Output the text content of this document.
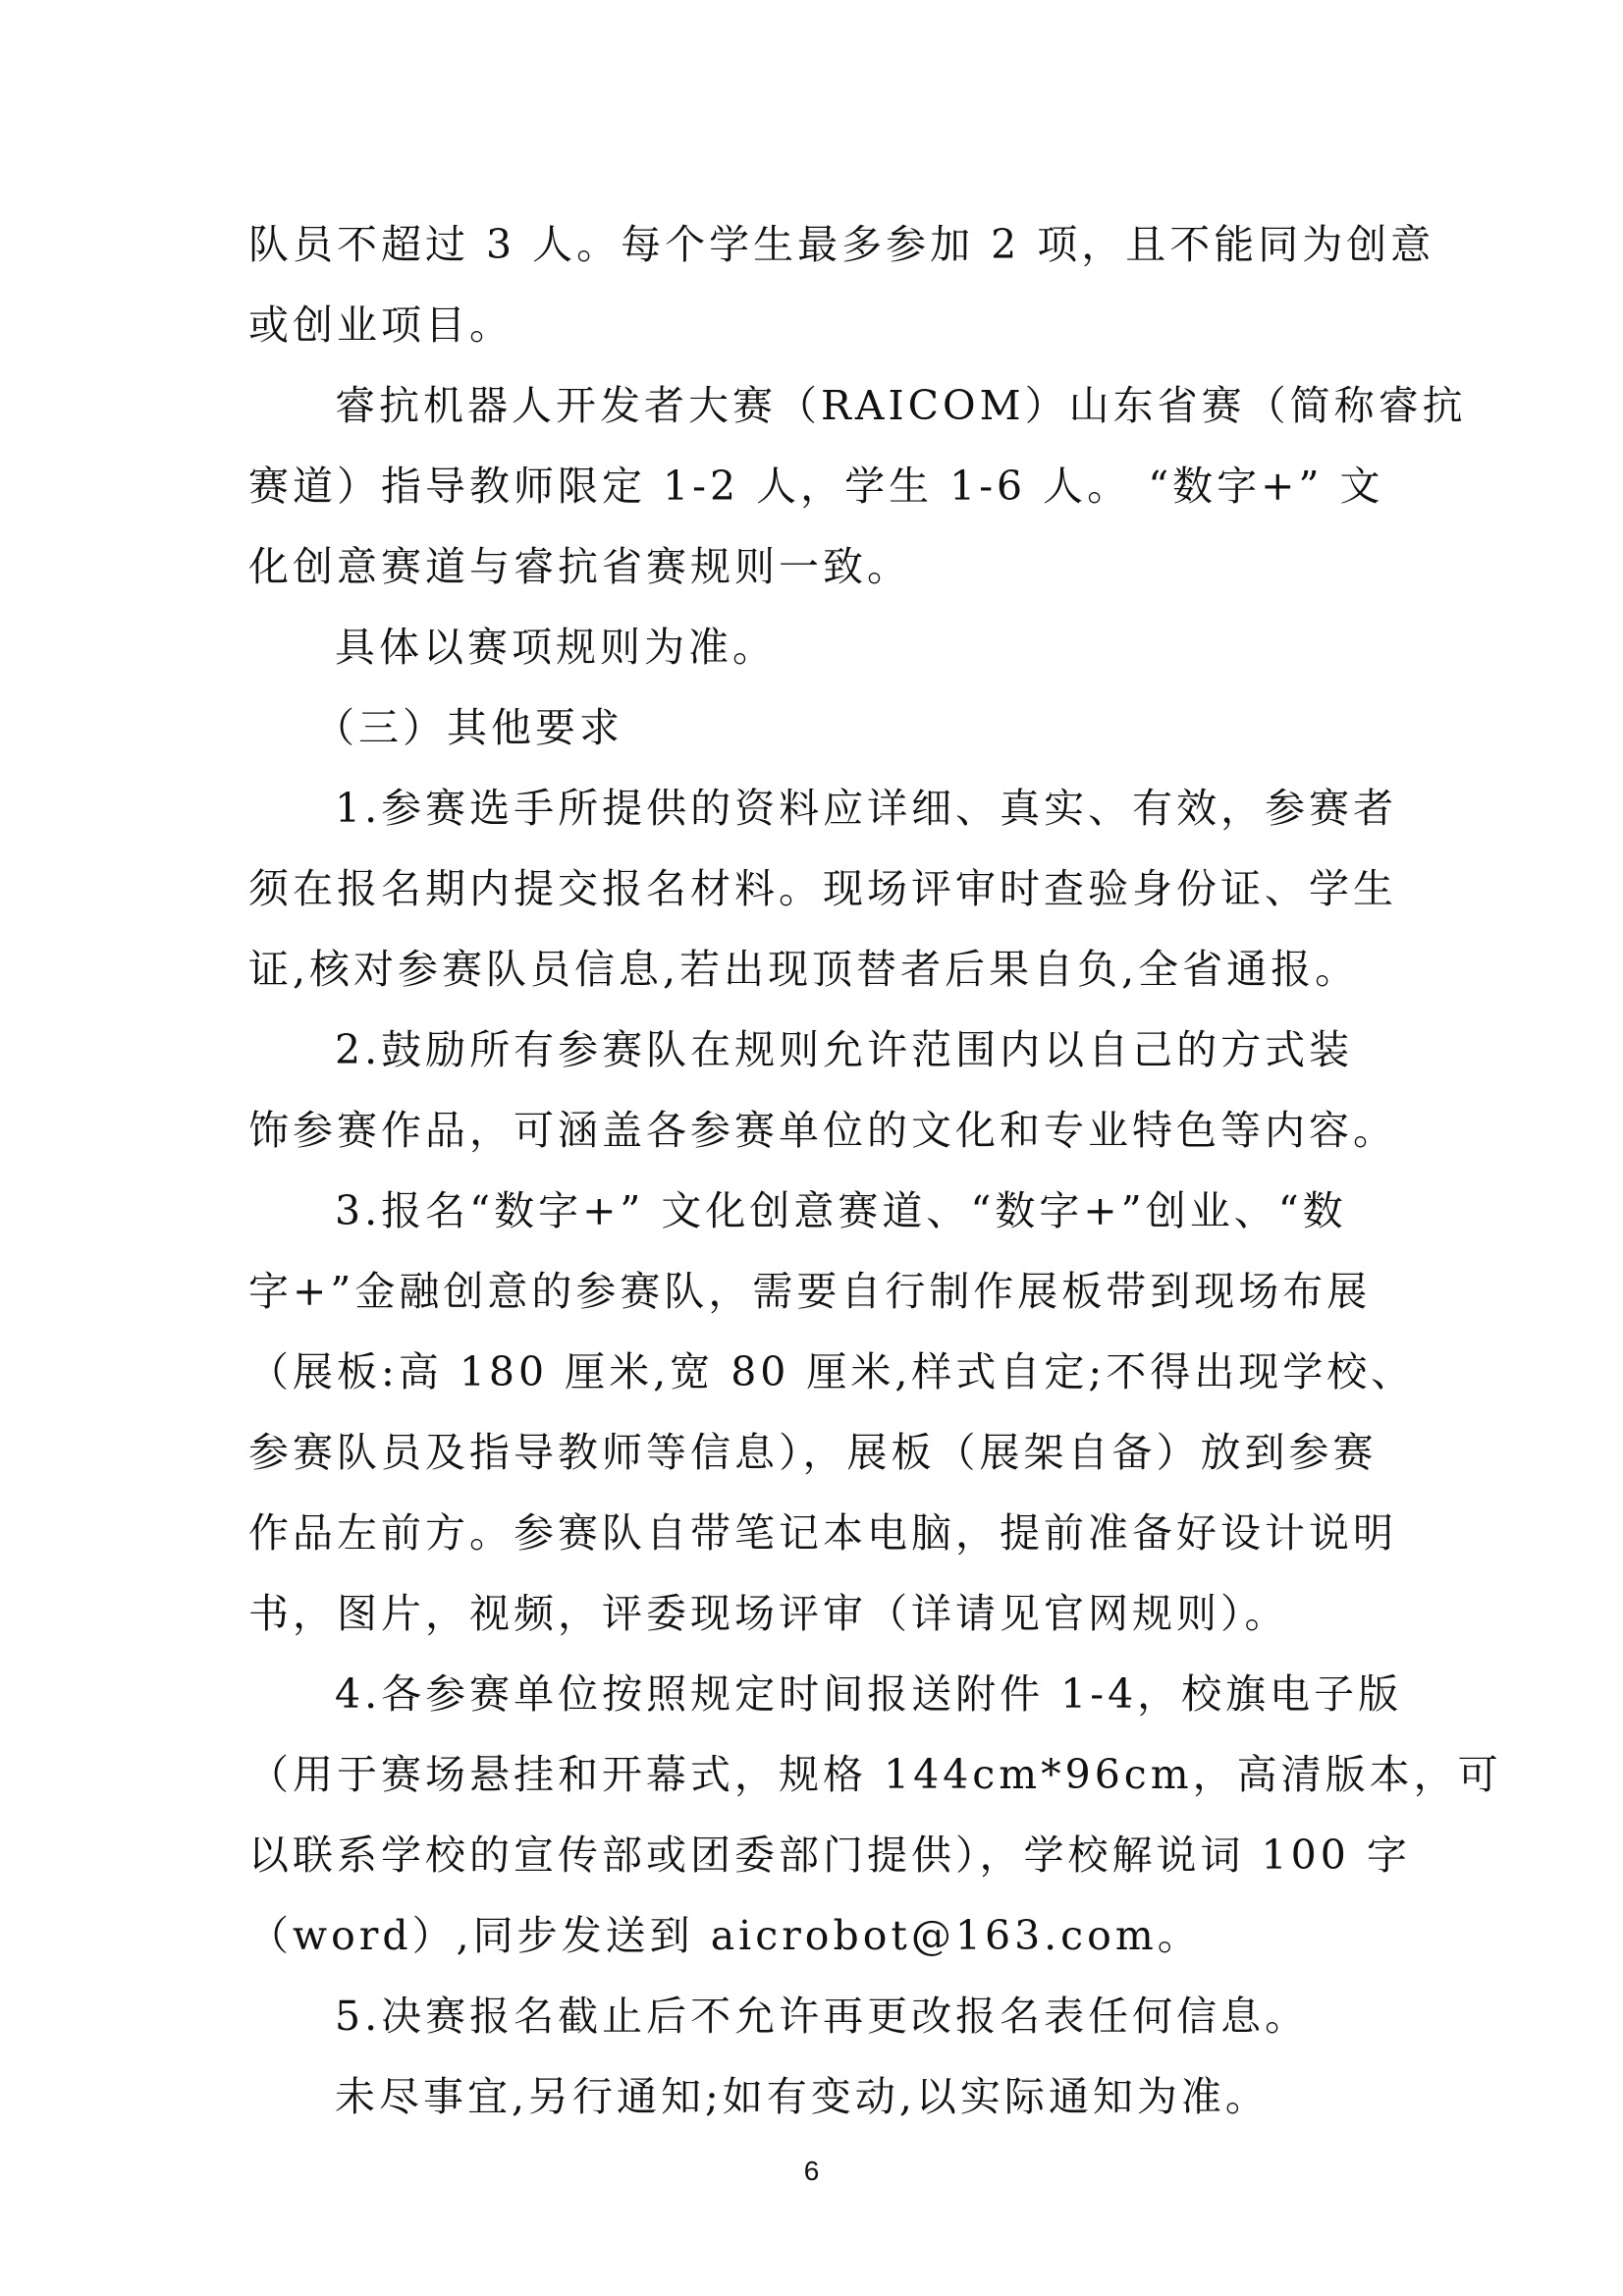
队员不超过 3 人。每个学生最多参加 2 项，且不能同为创意
或创业项目。
睿抗机器人开发者大赛（RAICOM）山东省赛（简称睿抗
赛道）指导教师限定 1-2 人，学生 1-6 人。 “数字+” 文
化创意赛道与睿抗省赛规则一致。
具体以赛项规则为准。
（三）其他要求
1.参赛选手所提供的资料应详细、真实、有效，参赛者
须在报名期内提交报名材料。现场评审时查验身份证、学生
证,核对参赛队员信息,若出现顶替者后果自负,全省通报。
2.鼓励所有参赛队在规则允许范围内以自己的方式装
饰参赛作品，可涵盖各参赛单位的文化和专业特色等内容。
3.报名“数字+” 文化创意赛道、“数字+”创业、“数
字+”金融创意的参赛队，需要自行制作展板带到现场布展
（展板:高 180 厘米,宽 80 厘米,样式自定;不得出现学校、
参赛队员及指导教师等信息），展板（展架自备）放到参赛
作品左前方。参赛队自带笔记本电脑，提前准备好设计说明
书，图片，视频，评委现场评审（详请见官网规则）。
4.各参赛单位按照规定时间报送附件 1-4，校旗电子版
（用于赛场悬挂和开幕式，规格 144cm*96cm，高清版本，可
以联系学校的宣传部或团委部门提供），学校解说词 100 字
（word）,同步发送到 aicrobot@163.com。
5.决赛报名截止后不允许再更改报名表任何信息。
未尽事宜,另行通知;如有变动,以实际通知为准。
6
